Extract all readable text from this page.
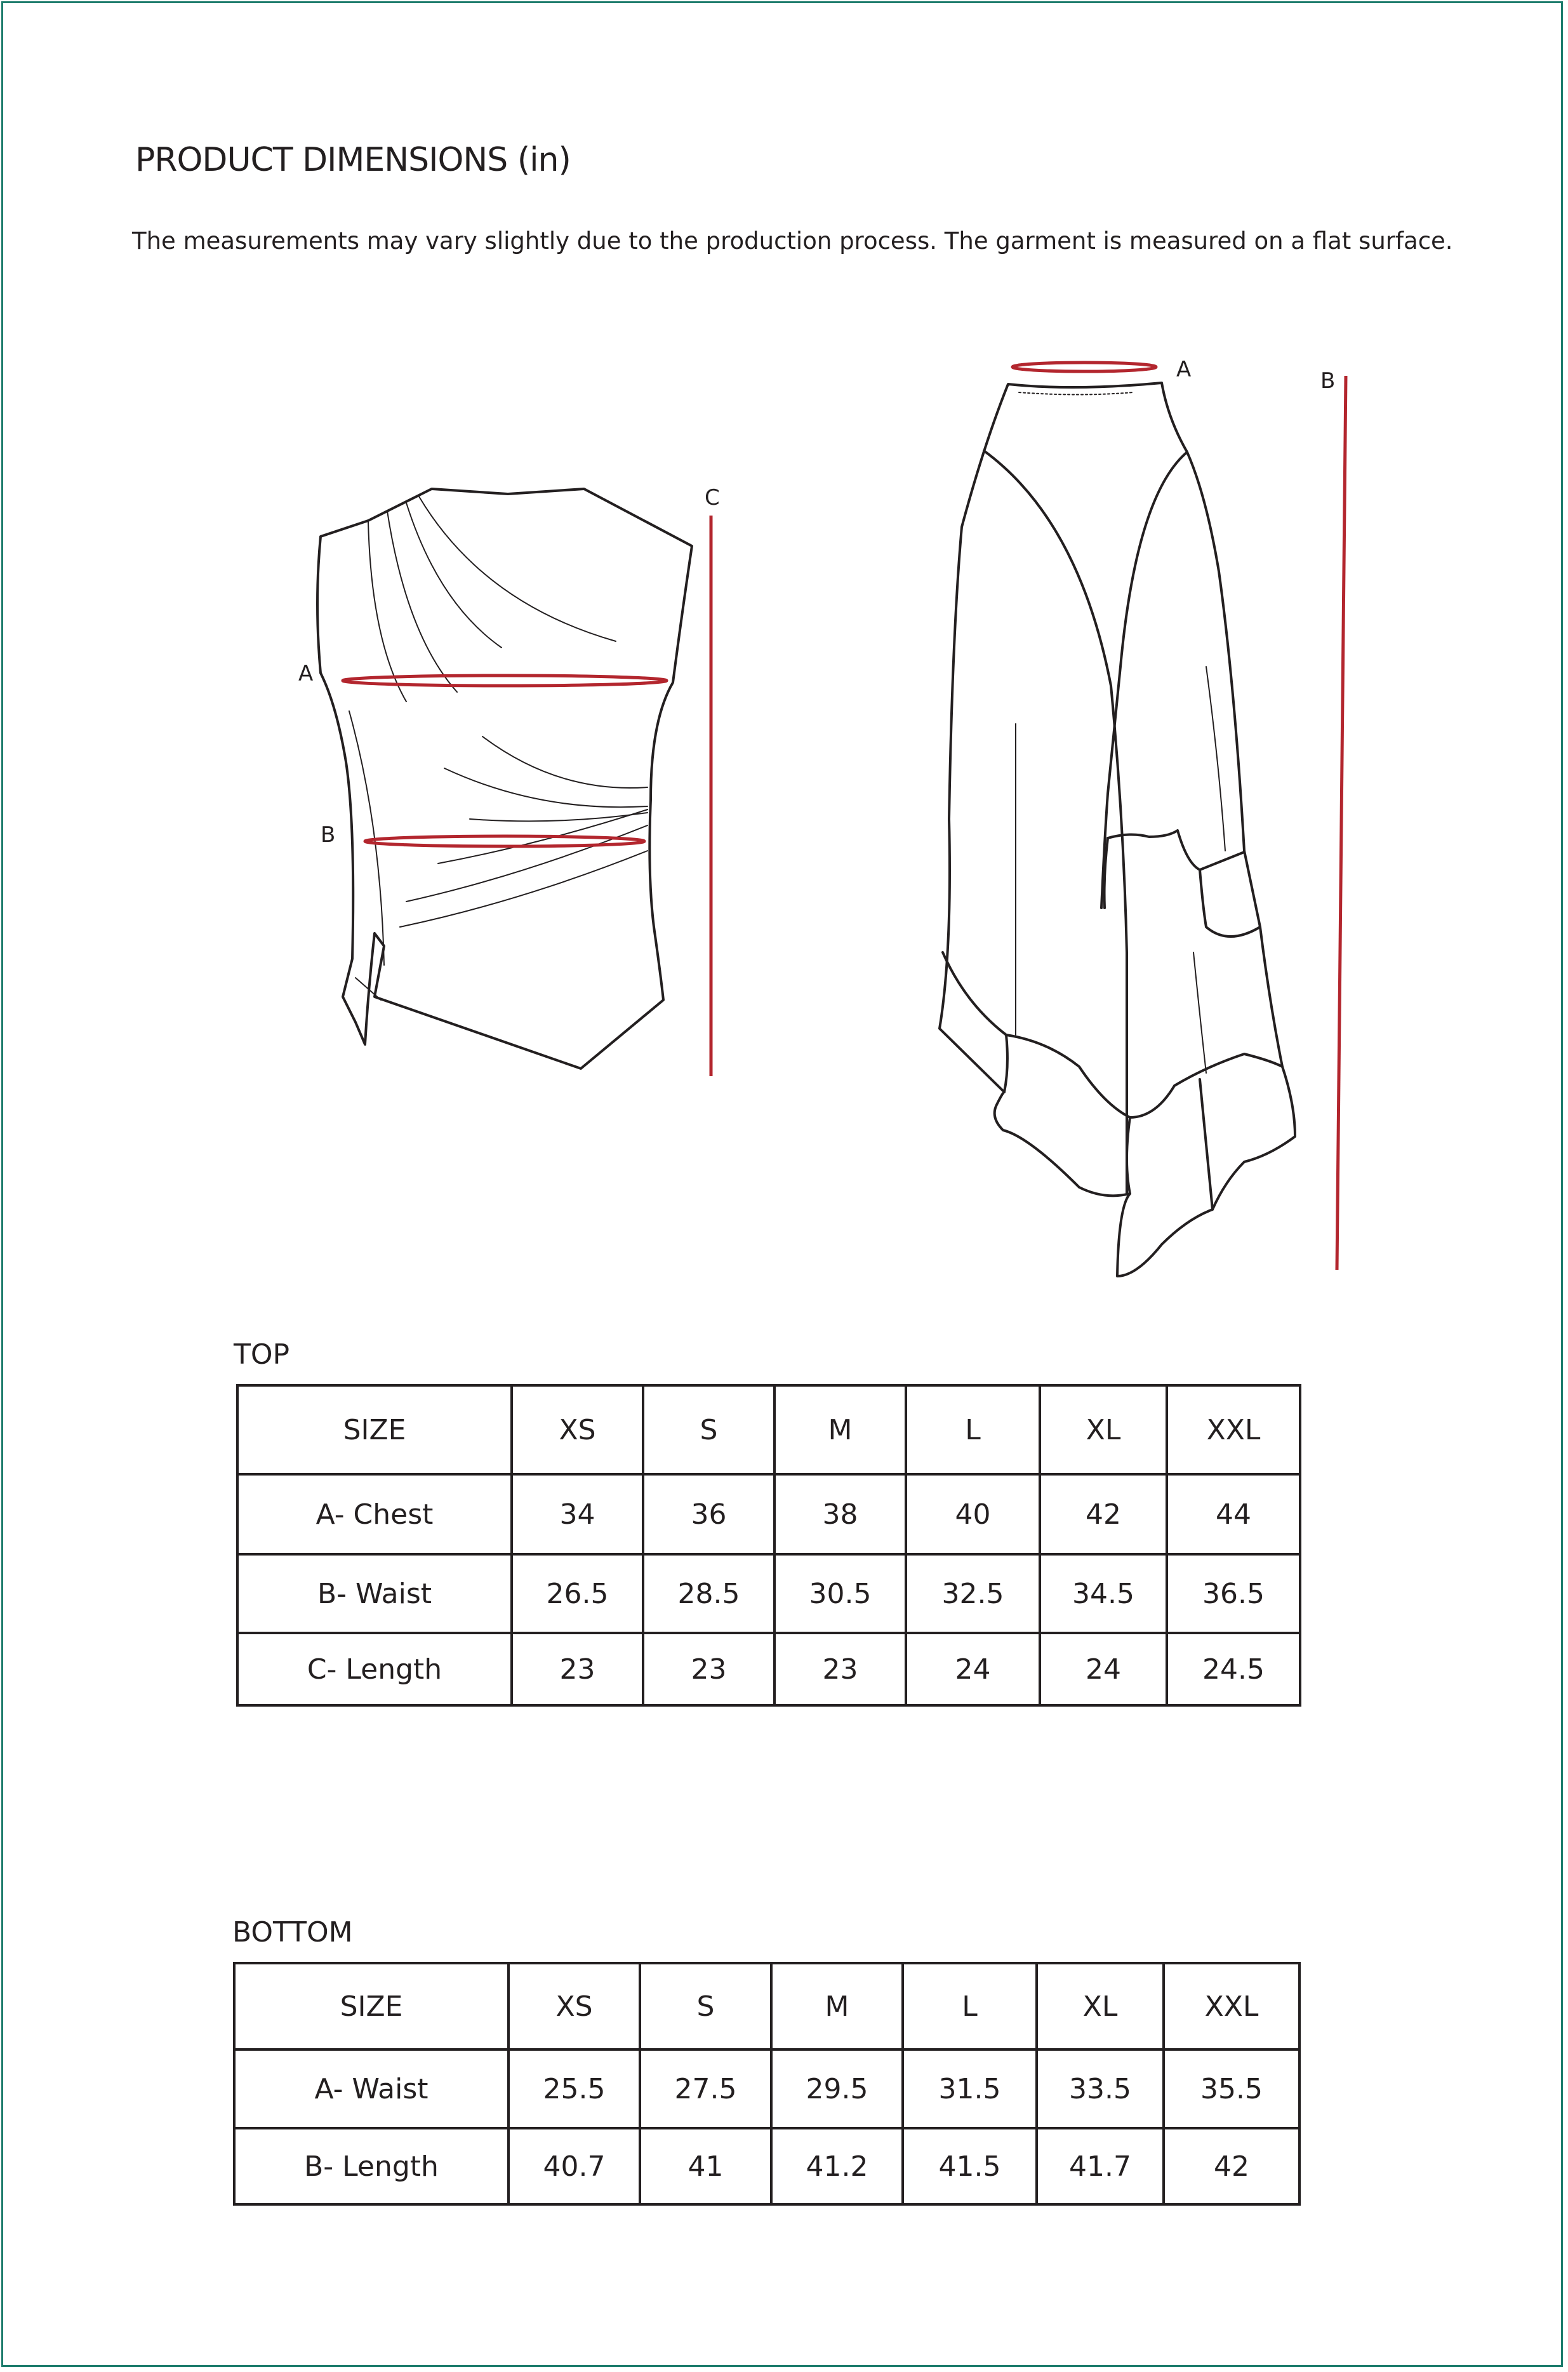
PRODUCT DIMENSIONS (in)
The measurements may vary slightly due to the production process. The garment is measured on a flat surface.
A
B
C
A	B
TOP
SIZE	XS	S	M	L	XL	XXL
A- Chest	34	36	38	40	42	44
B- Waist	26.5	28.5	30.5	32.5	34.5	36.5
C- Length	23	23	23	24	24	24.5
BOTTOM
SIZE	XS	S	M	L	XL	XXL
A- Waist	25.5	27.5	29.5	31.5	33.5	35.5
B- Length	40.7	41	41.2	41.5	41.7	42
